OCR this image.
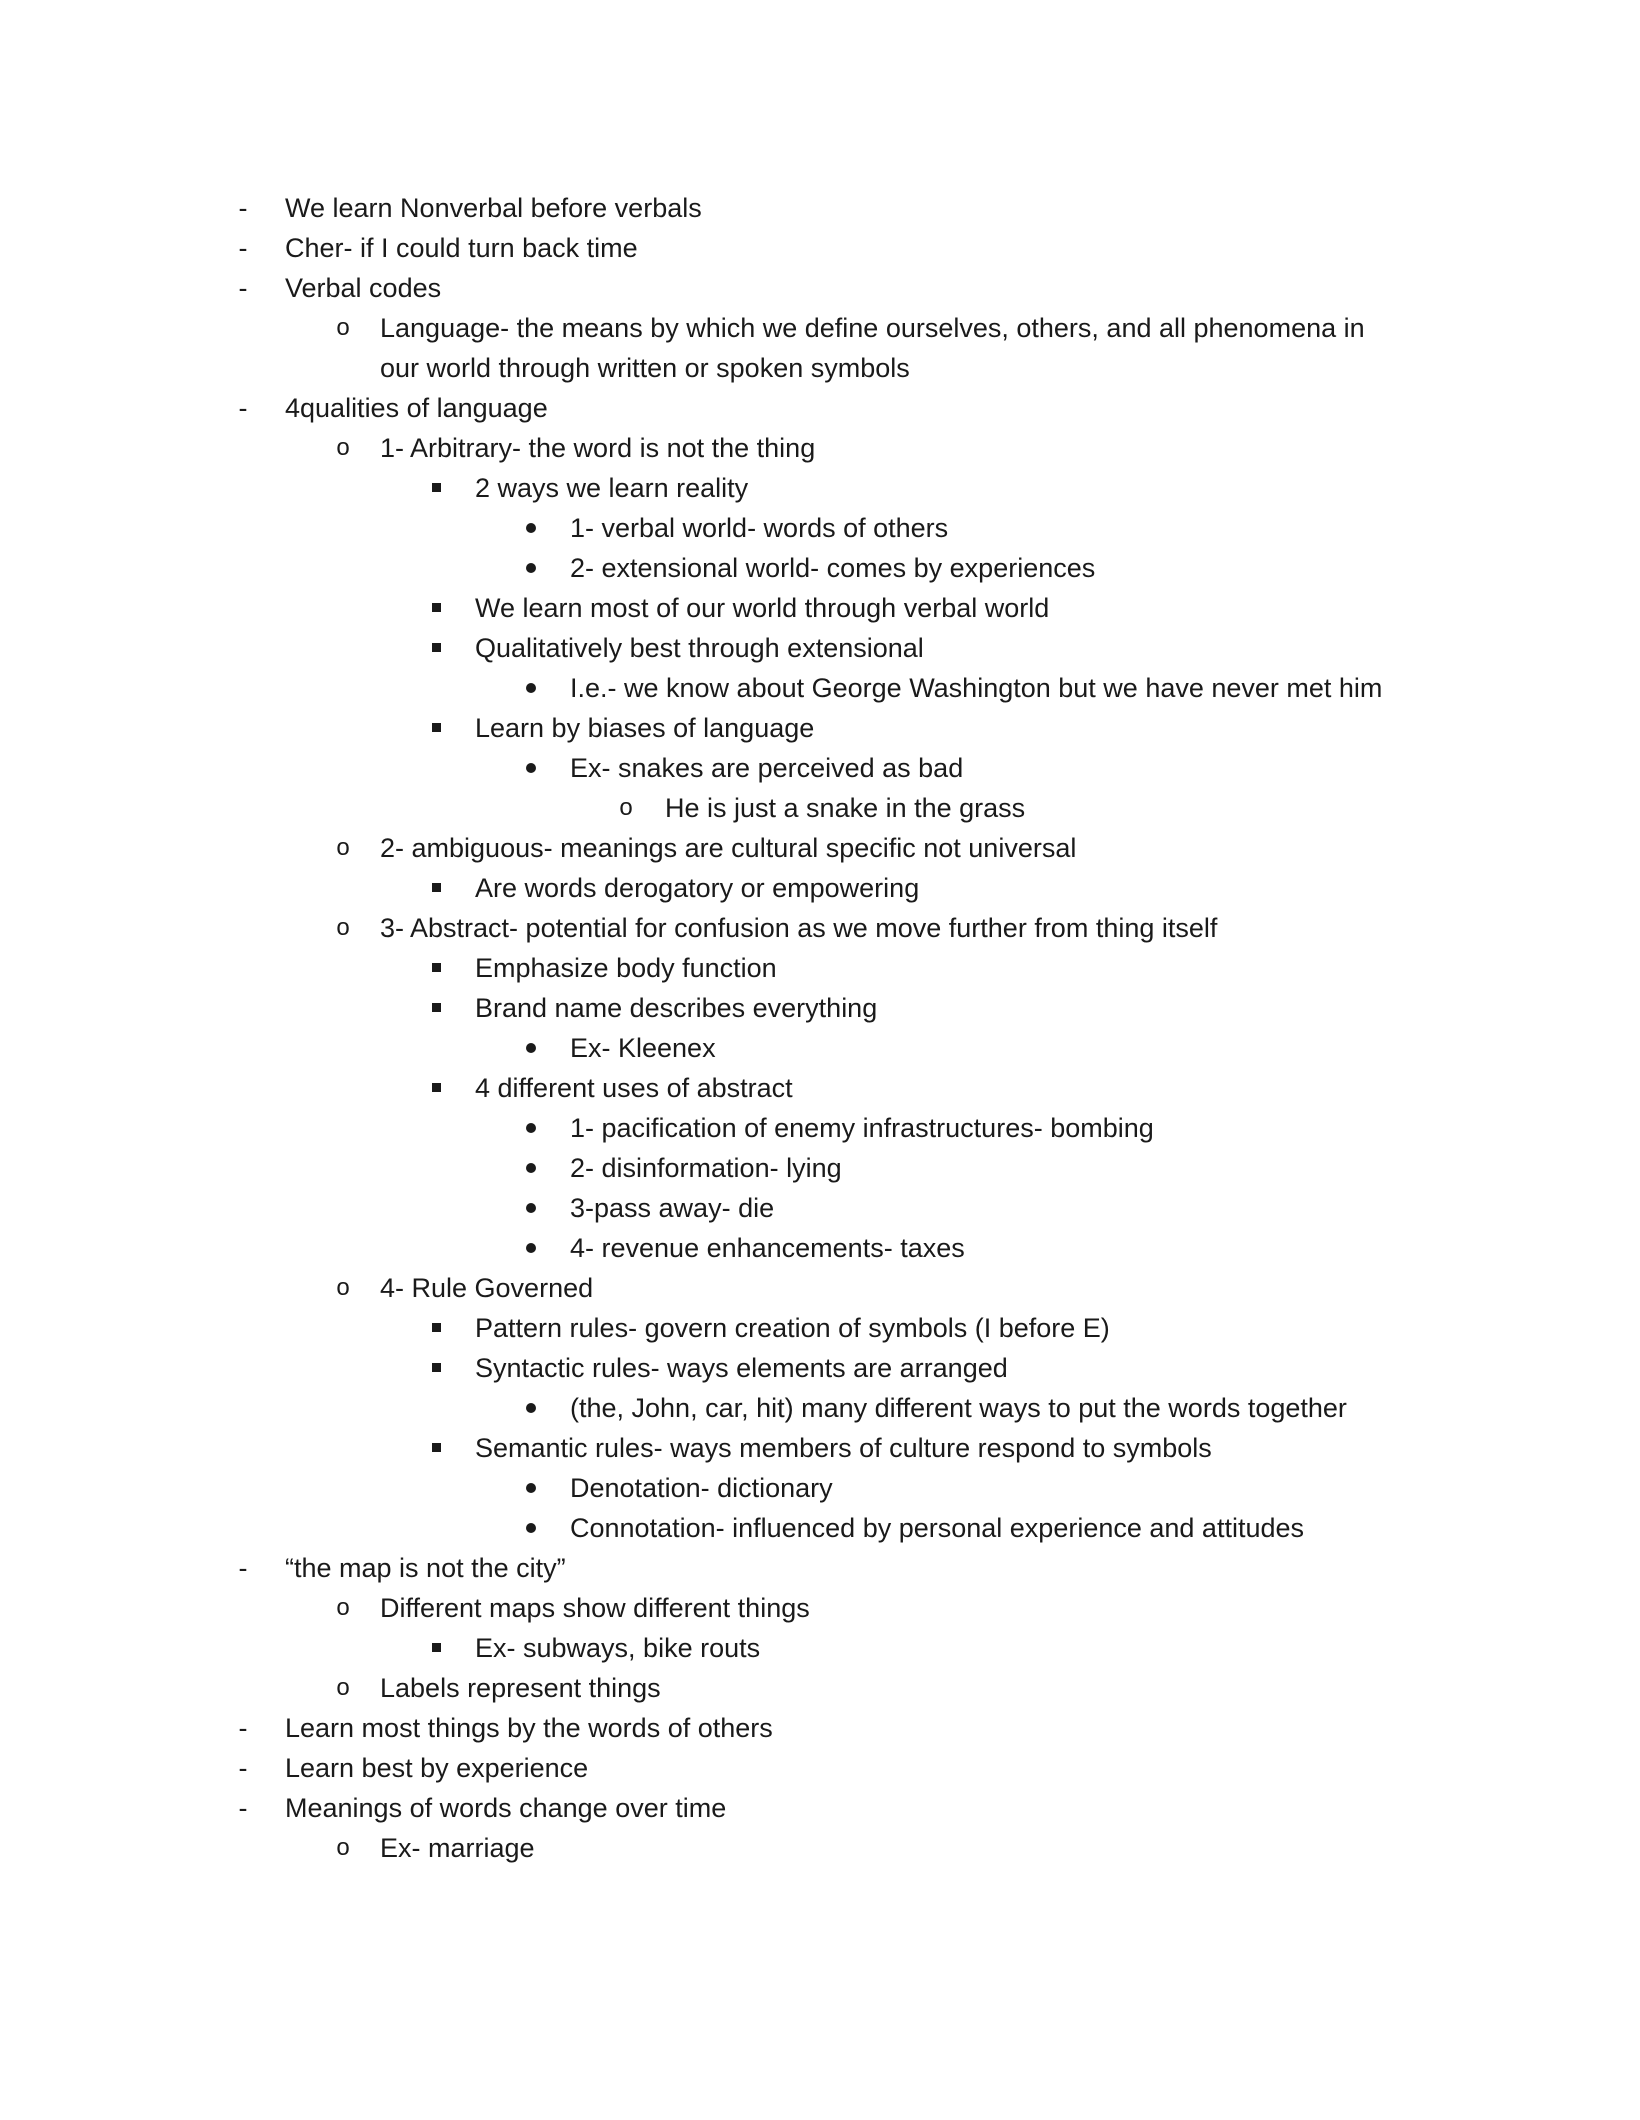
- We learn Nonverbal before verbals
- Cher- if I could turn back time
- Verbal codes
o Language- the means by which we define ourselves, others, and all phenomena in our world through written or spoken symbols
- 4qualities of language
o 1- Arbitrary- the word is not the thing
2 ways we learn reality
1- verbal world- words of others
2- extensional world- comes by experiences
We learn most of our world through verbal world
Qualitatively best through extensional
I.e.- we know about George Washington but we have never met him
Learn by biases of language
Ex- snakes are perceived as bad
o He is just a snake in the grass
o 2- ambiguous- meanings are cultural specific not universal
Are words derogatory or empowering
o 3- Abstract- potential for confusion as we move further from thing itself
Emphasize body function
Brand name describes everything
Ex- Kleenex
4 different uses of abstract
1- pacification of enemy infrastructures- bombing
2- disinformation- lying
3-pass away- die
4- revenue enhancements- taxes
o 4- Rule Governed
Pattern rules- govern creation of symbols (I before E)
Syntactic rules- ways elements are arranged
(the, John, car, hit) many different ways to put the words together
Semantic rules- ways members of culture respond to symbols
Denotation- dictionary
Connotation- influenced by personal experience and attitudes
- “the map is not the city”
o Different maps show different things
Ex- subways, bike routs
o Labels represent things
- Learn most things by the words of others
- Learn best by experience
- Meanings of words change over time
o Ex- marriage
